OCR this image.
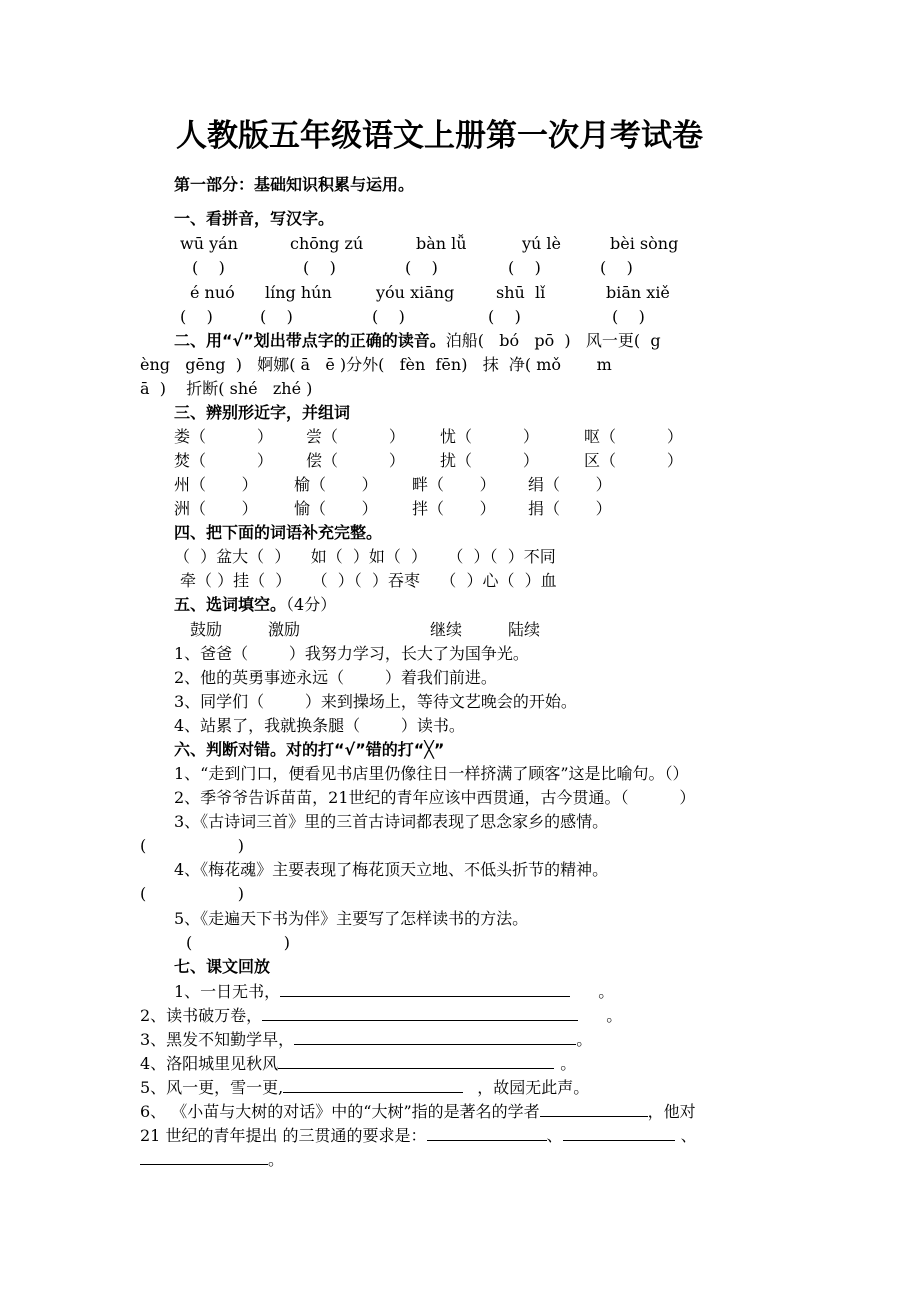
人教版五年级语文上册第一次月考试卷
第一部分：基础知识积累与运用。
一、看拼音，写汉字。
wū yán	chōng zú	bàn lǚ	yú lè	bèi sòng
(    )	(    )	(    )	(    )	(    )
é nuó líng hún	yóu xiāng	shū  lǐ	biān xiě
(    )	(    )	(    )	(    )	(    )
二、用“√”划出带点字的正确的读音。泊船(   bó   pō  )   风一更(  g
èng   gēng  )   婀娜( ā   ē )分外(   fèn  fēn)   抹  净( mǒ       m
ā  )    折断( shé   zhé )
三、辨别形近字，并组词
娄（          ） 尝（          ） 忧（          ）	呕（          ）
焚（          ） 偿（          ） 扰（          ）	区（          ）
州（       ） 榆（       ） 畔（       ） 绢（       ）
洲（       ） 愉（       ） 拌（       ） 捐（       ）
四、把下面的词语补充完整。
（  ）盆大（  ）    如（  ）如（  ）    （  ）（  ）不同
牵（ ）挂（  ）    （  ）（  ）吞枣    （  ）心（  ）血
五、选词填空。（4分）
鼓励	激励	继续	陆续
1、爸爸（        ）我努力学习，长大了为国争光。
2、他的英勇事迹永远（        ）着我们前进。
3、同学们（        ）来到操场上，等待文艺晚会的开始。
4、站累了，我就换条腿（        ）读书。
六、判断对错。对的打“√”错的打“╳”
1、“走到门口，便看见书店里仍像往日一样挤满了顾客”这是比喻句。（）
2、季爷爷告诉苗苗，21世纪的青年应该中西贯通，古今贯通。（          ）
3、《古诗词三首》里的三首古诗词都表现了思念家乡的感情。
(                  )
4、《梅花魂》主要表现了梅花顶天立地、不低头折节的精神。
(                  )
5、《走遍天下书为伴》主要写了怎样读书的方法。
(                  )
七、课文回放
1、一日无书，	。
2、读书破万卷，	。
3、黑发不知勤学早，	。
4、洛阳城里见秋风	。
5、风一更，雪一更,	，故园无此声。
6、 《小苗与大树的对话》中的“大树”指的是著名的学者	，他对
21 世纪的青年提出 的三贯通的要求是：	、	、
。
